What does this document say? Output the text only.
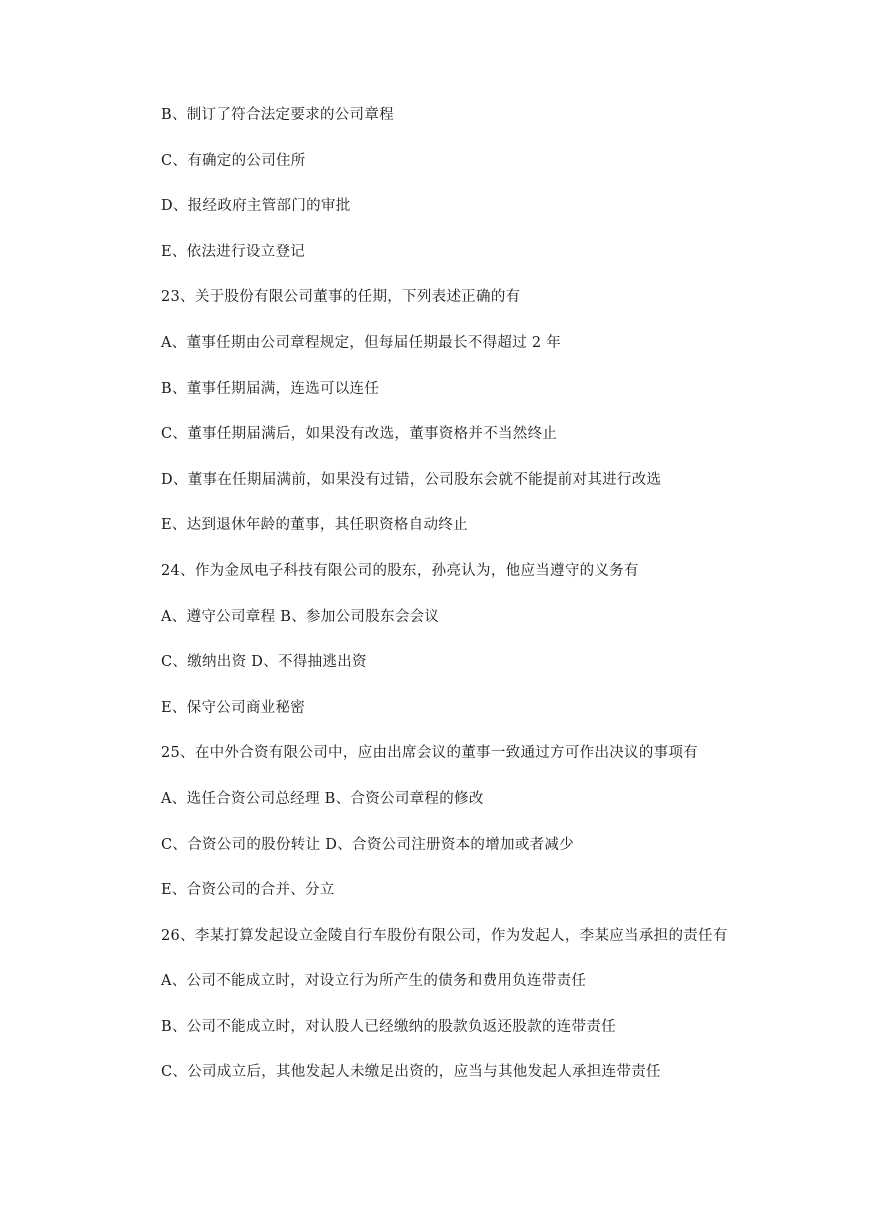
B、制订了符合法定要求的公司章程
C、有确定的公司住所
D、报经政府主管部门的审批
E、依法进行设立登记
23、关于股份有限公司董事的任期，下列表述正确的有
A、董事任期由公司章程规定，但每届任期最长不得超过 2 年
B、董事任期届满，连选可以连任
C、董事任期届满后，如果没有改选，董事资格并不当然终止
D、董事在任期届满前，如果没有过错，公司股东会就不能提前对其进行改选
E、达到退休年龄的董事，其任职资格自动终止
24、作为金凤电子科技有限公司的股东，孙亮认为，他应当遵守的义务有
A、遵守公司章程 B、参加公司股东会会议
C、缴纳出资 D、不得抽逃出资
E、保守公司商业秘密
25、在中外合资有限公司中，应由出席会议的董事一致通过方可作出决议的事项有
A、选任合资公司总经理 B、合资公司章程的修改
C、合资公司的股份转让 D、合资公司注册资本的增加或者减少
E、合资公司的合并、分立
26、李某打算发起设立金陵自行车股份有限公司，作为发起人，李某应当承担的责任有
A、公司不能成立时，对设立行为所产生的债务和费用负连带责任
B、公司不能成立时，对认股人已经缴纳的股款负返还股款的连带责任
C、公司成立后，其他发起人未缴足出资的，应当与其他发起人承担连带责任
